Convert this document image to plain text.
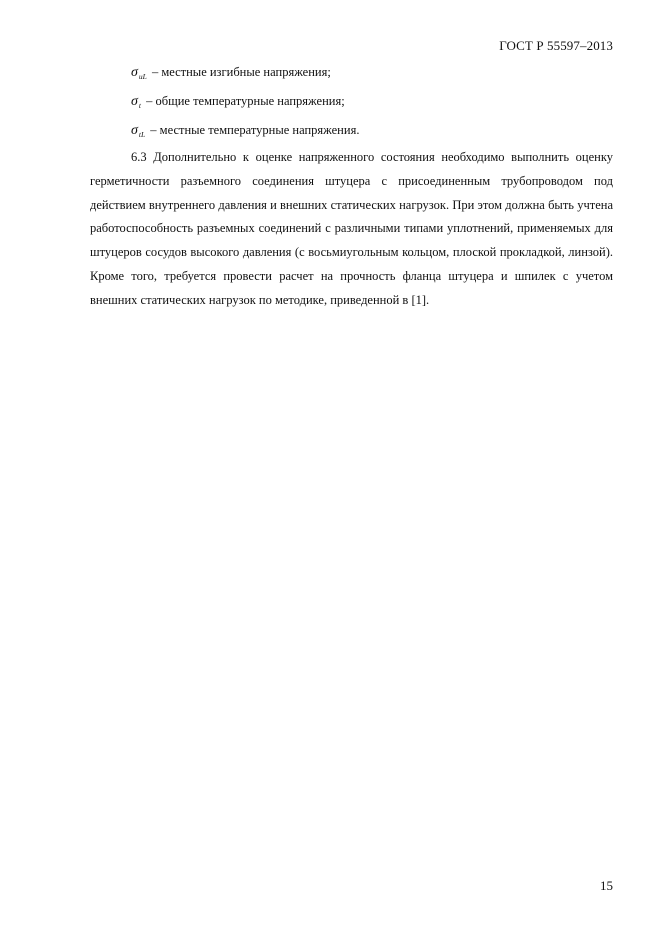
ГОСТ Р 55597–2013
$\sigma_{uL}$ – местные изгибные напряжения;
$\sigma_t$ – общие температурные напряжения;
$\sigma_{tL}$ – местные температурные напряжения.

6.3 Дополнительно к оценке напряженного состояния необходимо выполнить оценку герметичности разъемного соединения штуцера с присоединенным трубопроводом под действием внутреннего давления и внешних статических нагрузок. При этом должна быть учтена работоспособность разъемных соединений с различными типами уплотнений, применяемых для штуцеров сосудов высокого давления (с восьмиугольным кольцом, плоской прокладкой, линзой). Кроме того, требуется провести расчет на прочность фланца штуцера и шпилек с учетом внешних статических нагрузок по методике, приведенной в [1].

15
